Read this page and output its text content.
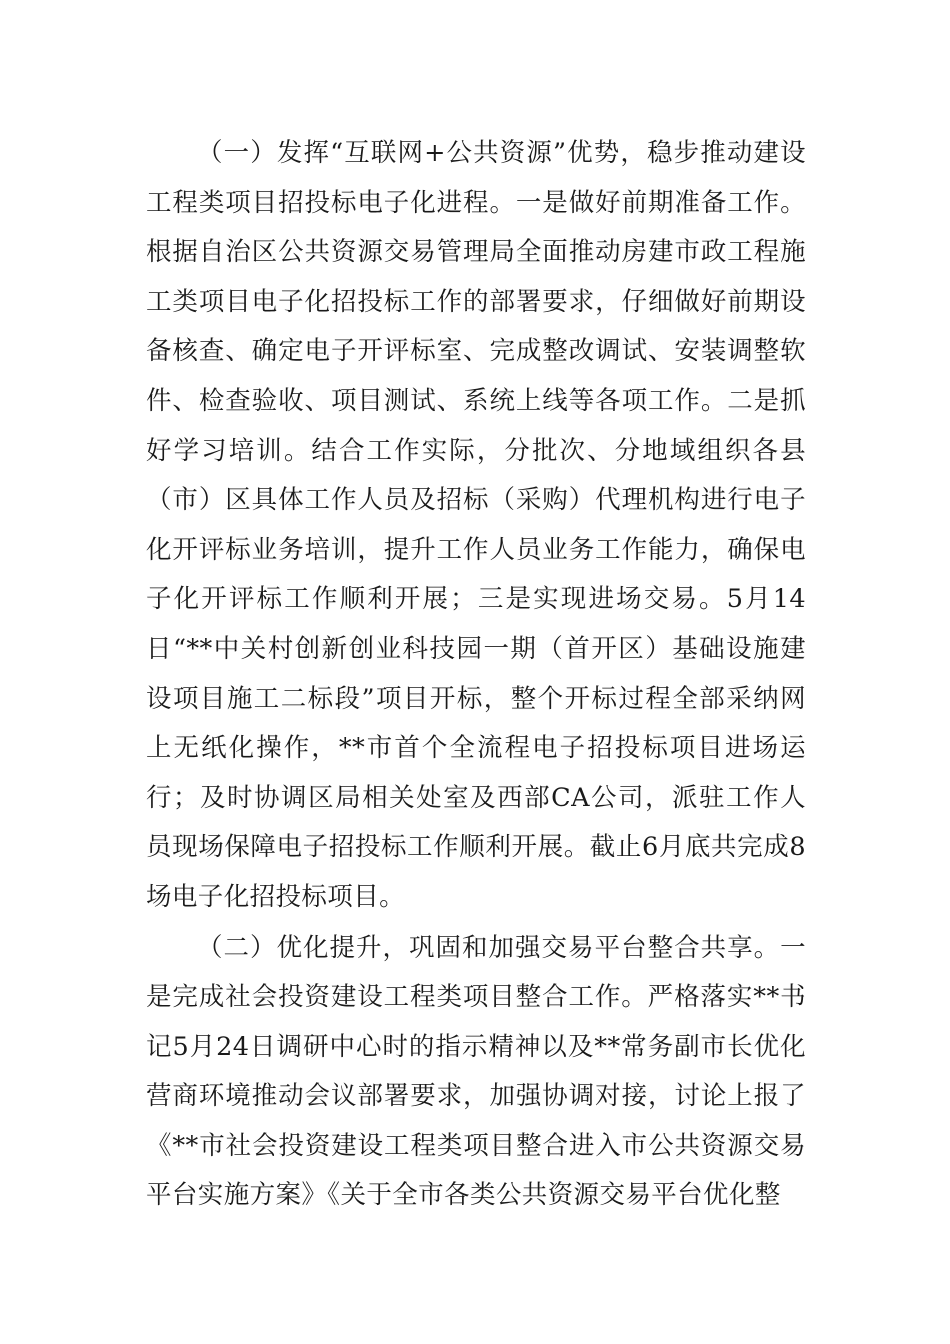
（一）发挥“互联网+公共资源”优势，稳步推动建设工程类项目招投标电子化进程。一是做好前期准备工作。根据自治区公共资源交易管理局全面推动房建市政工程施工类项目电子化招投标工作的部署要求，仔细做好前期设备核查、确定电子开评标室、完成整改调试、安装调整软件、检查验收、项目测试、系统上线等各项工作。二是抓好学习培训。结合工作实际，分批次、分地域组织各县（市）区具体工作人员及招标（采购）代理机构进行电子化开评标业务培训，提升工作人员业务工作能力，确保电子化开评标工作顺利开展；三是实现进场交易。5月14日“**中关村创新创业科技园一期（首开区）基础设施建设项目施工二标段”项目开标，整个开标过程全部采纳网上无纸化操作，**市首个全流程电子招投标项目进场运行；及时协调区局相关处室及西部CA公司，派驻工作人员现场保障电子招投标工作顺利开展。截止6月底共完成8场电子化招投标项目。

（二）优化提升，巩固和加强交易平台整合共享。一是完成社会投资建设工程类项目整合工作。严格落实**书记5月24日调研中心时的指示精神以及**常务副市长优化营商环境推动会议部署要求，加强协调对接，讨论上报了《**市社会投资建设工程类项目整合进入市公共资源交易平台实施方案》《关于全市各类公共资源交易平台优化整
